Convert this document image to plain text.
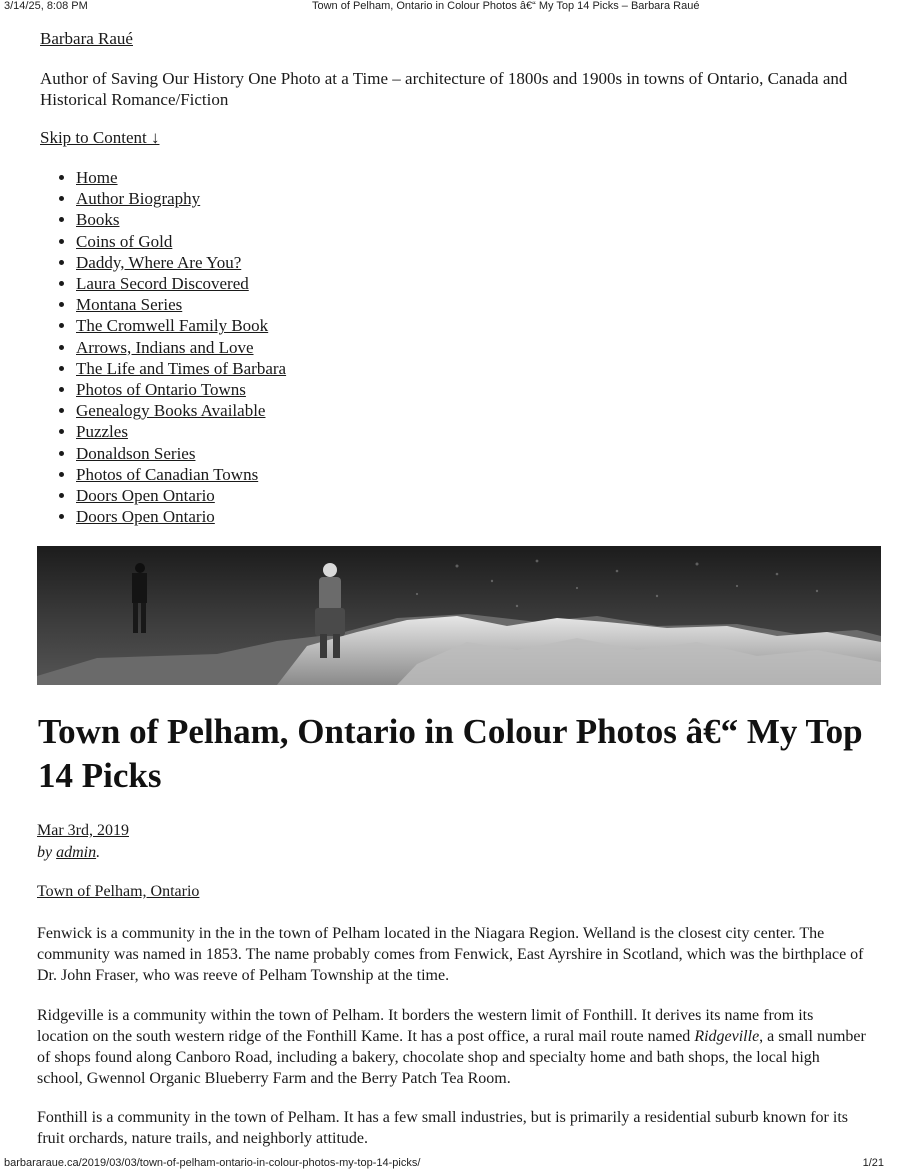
3/14/25, 8:08 PM	Town of Pelham, Ontario in Colour Photos â€“ My Top 14 Picks – Barbara Raué
Barbara Raué
Author of Saving Our History One Photo at a Time – architecture of 1800s and 1900s in towns of Ontario, Canada and Historical Romance/Fiction
Skip to Content ↓
• Home
• Author Biography
• Books
• Coins of Gold
• Daddy, Where Are You?
• Laura Secord Discovered
• Montana Series
• The Cromwell Family Book
• Arrows, Indians and Love
• The Life and Times of Barbara
• Photos of Ontario Towns
• Genealogy Books Available
• Puzzles
• Donaldson Series
• Photos of Canadian Towns
• Doors Open Ontario
• Doors Open Ontario
Town of Pelham, Ontario in Colour Photos â€“ My Top 14 Picks
Mar 3rd, 2019
by admin.
Town of Pelham, Ontario

Fenwick is a community in the in the town of Pelham located in the Niagara Region. Welland is the closest city center. The community was named in 1853. The name probably comes from Fenwick, East Ayrshire in Scotland, which was the birthplace of Dr. John Fraser, who was reeve of Pelham Township at the time.

Ridgeville is a community within the town of Pelham. It borders the western limit of Fonthill. It derives its name from its location on the south western ridge of the Fonthill Kame. It has a post office, a rural mail route named Ridgeville, a small number of shops found along Canboro Road, including a bakery, chocolate shop and specialty home and bath shops, the local high school, Gwennol Organic Blueberry Farm and the Berry Patch Tea Room.

Fonthill is a community in the town of Pelham. It has a few small industries, but is primarily a residential suburb known for its fruit orchards, nature trails, and neighborly attitude.

barbararaue.ca/2019/03/03/town-of-pelham-ontario-in-colour-photos-my-top-14-picks/	1/21
